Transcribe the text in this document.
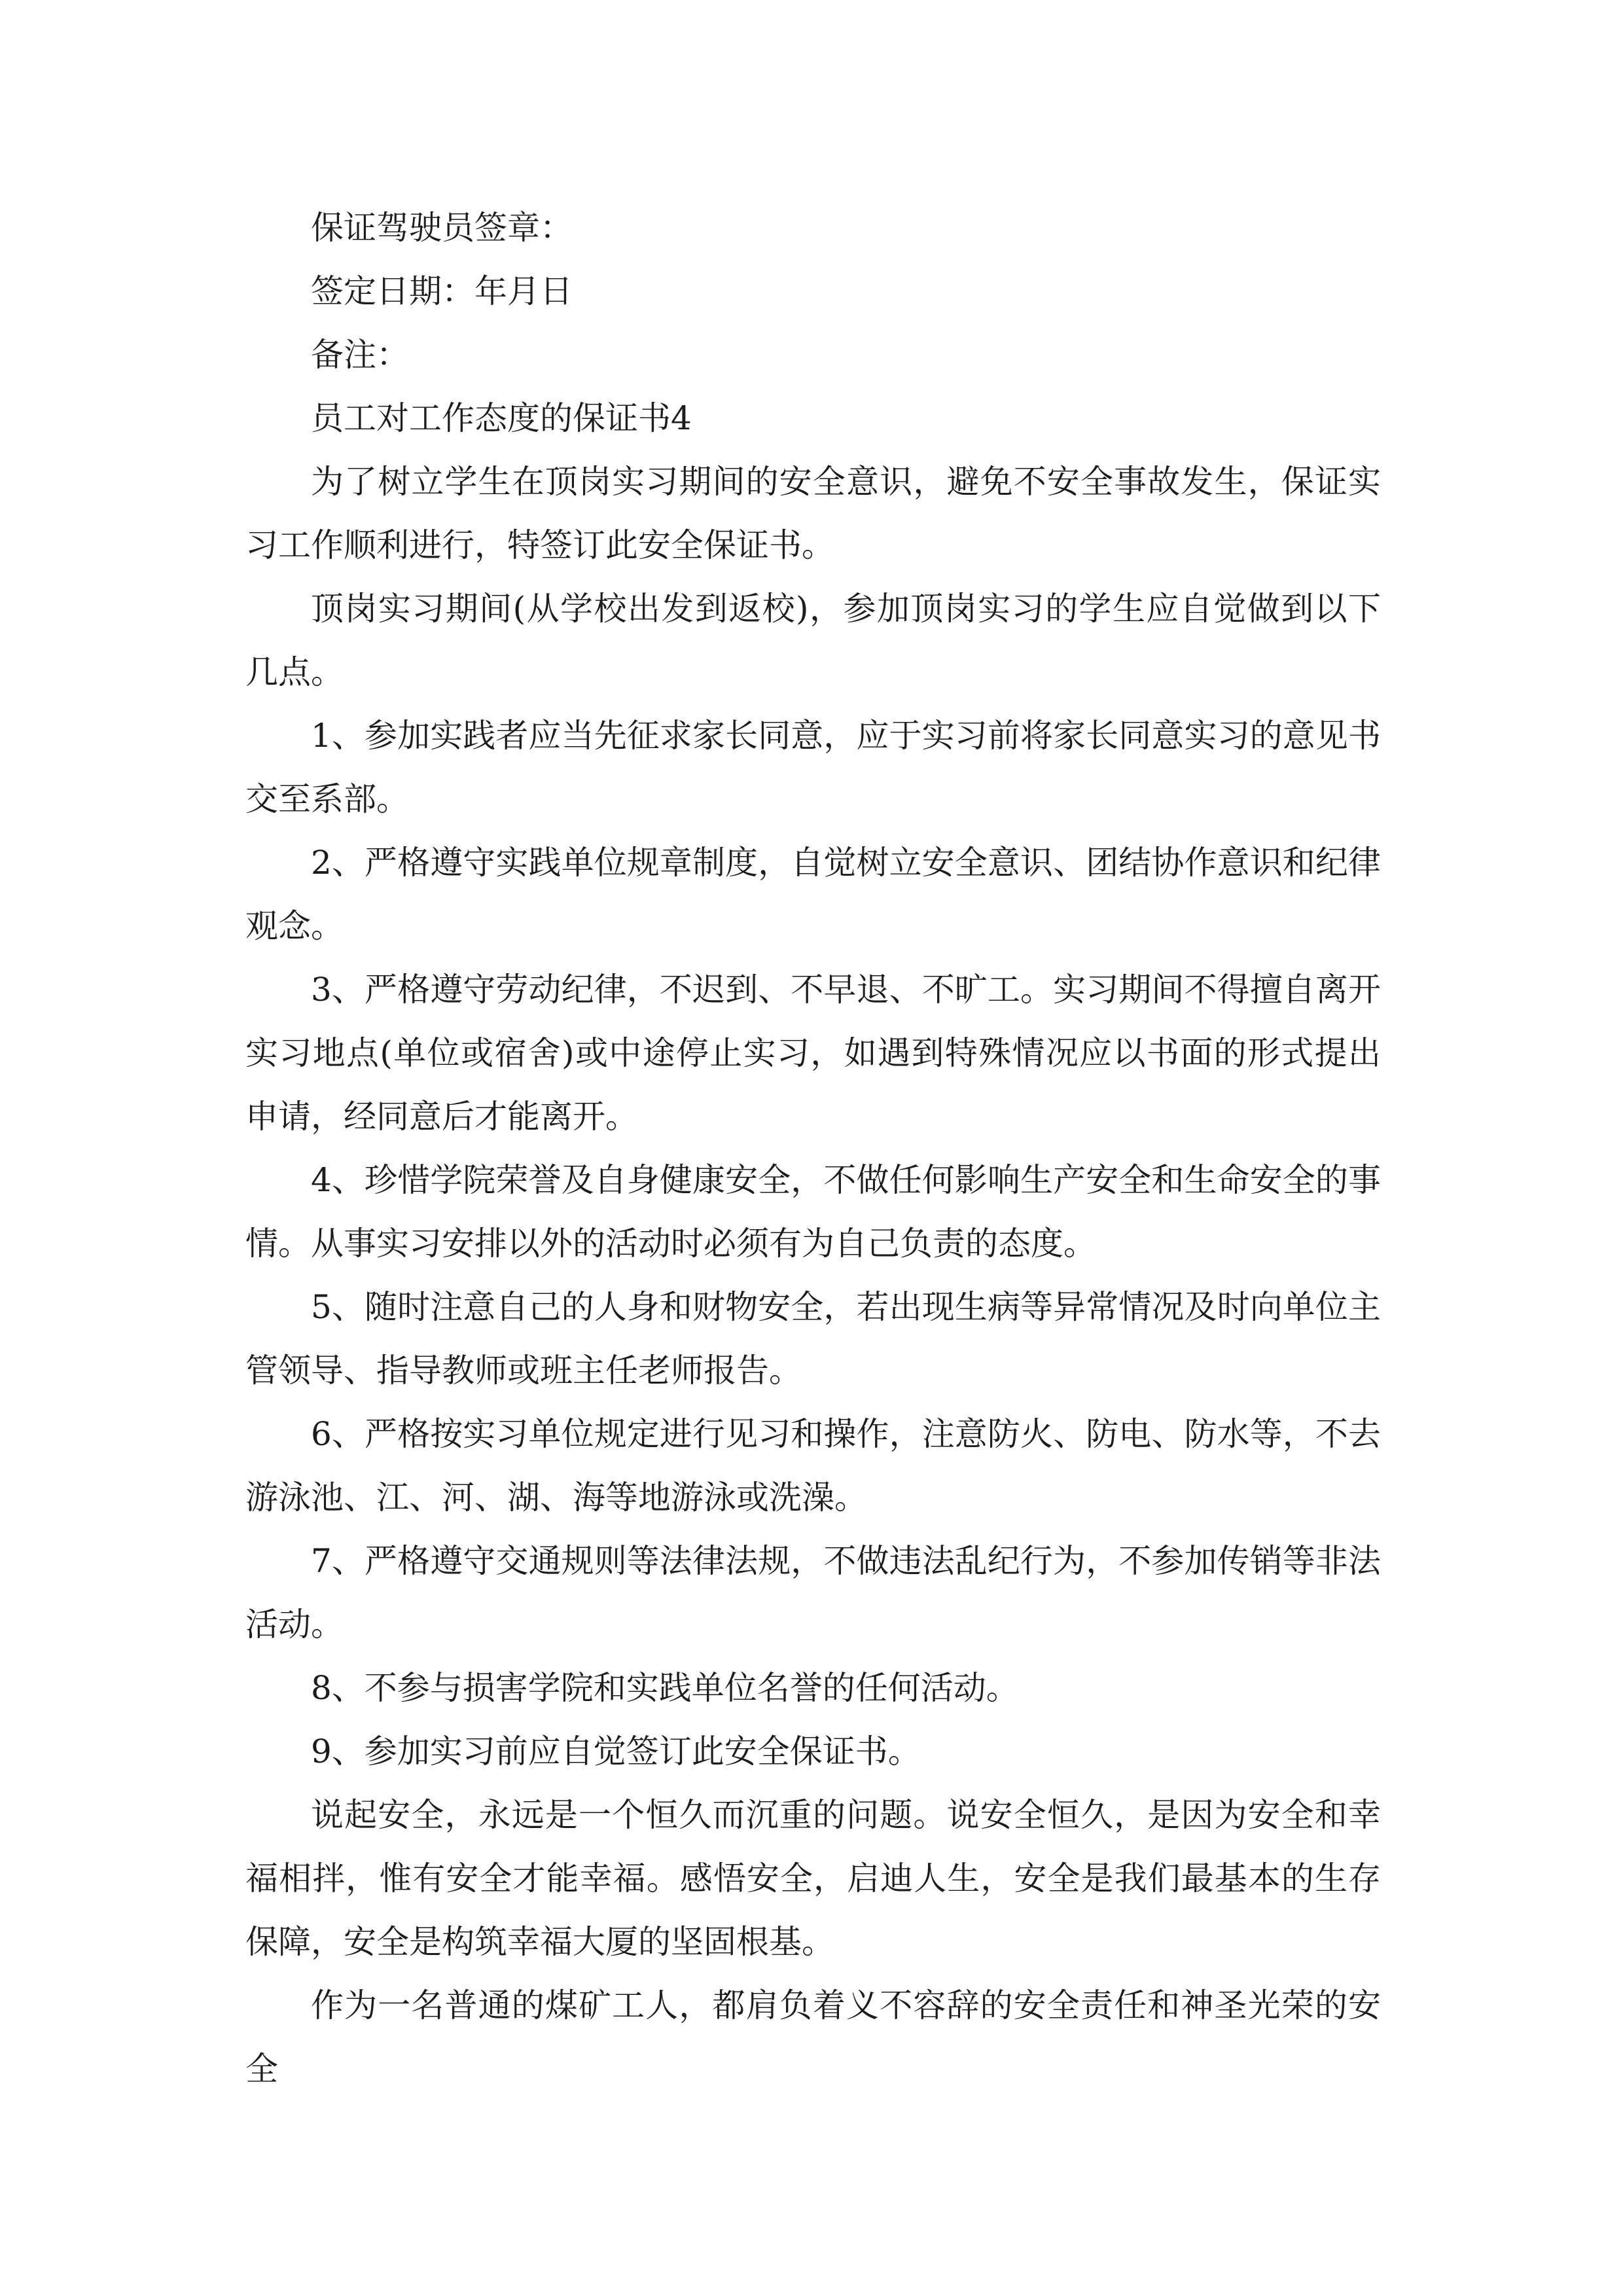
保证驾驶员签章：

签定日期：年月日

备注：

员工对工作态度的保证书4

为了树立学生在顶岗实习期间的安全意识，避免不安全事故发生，保证实习工作顺利进行，特签订此安全保证书。

顶岗实习期间(从学校出发到返校)，参加顶岗实习的学生应自觉做到以下几点。

1、参加实践者应当先征求家长同意，应于实习前将家长同意实习的意见书交至系部。

2、严格遵守实践单位规章制度，自觉树立安全意识、团结协作意识和纪律观念。

3、严格遵守劳动纪律，不迟到、不早退、不旷工。实习期间不得擅自离开实习地点(单位或宿舍)或中途停止实习，如遇到特殊情况应以书面的形式提出申请，经同意后才能离开。

4、珍惜学院荣誉及自身健康安全，不做任何影响生产安全和生命安全的事情。从事实习安排以外的活动时必须有为自己负责的态度。

5、随时注意自己的人身和财物安全，若出现生病等异常情况及时向单位主管领导、指导教师或班主任老师报告。

6、严格按实习单位规定进行见习和操作，注意防火、防电、防水等，不去游泳池、江、河、湖、海等地游泳或洗澡。

7、严格遵守交通规则等法律法规，不做违法乱纪行为，不参加传销等非法活动。

8、不参与损害学院和实践单位名誉的任何活动。

9、参加实习前应自觉签订此安全保证书。

说起安全，永远是一个恒久而沉重的问题。说安全恒久，是因为安全和幸福相拌，惟有安全才能幸福。感悟安全，启迪人生，安全是我们最基本的生存保障，安全是构筑幸福大厦的坚固根基。

作为一名普通的煤矿工人，都肩负着义不容辞的安全责任和神圣光荣的安全
